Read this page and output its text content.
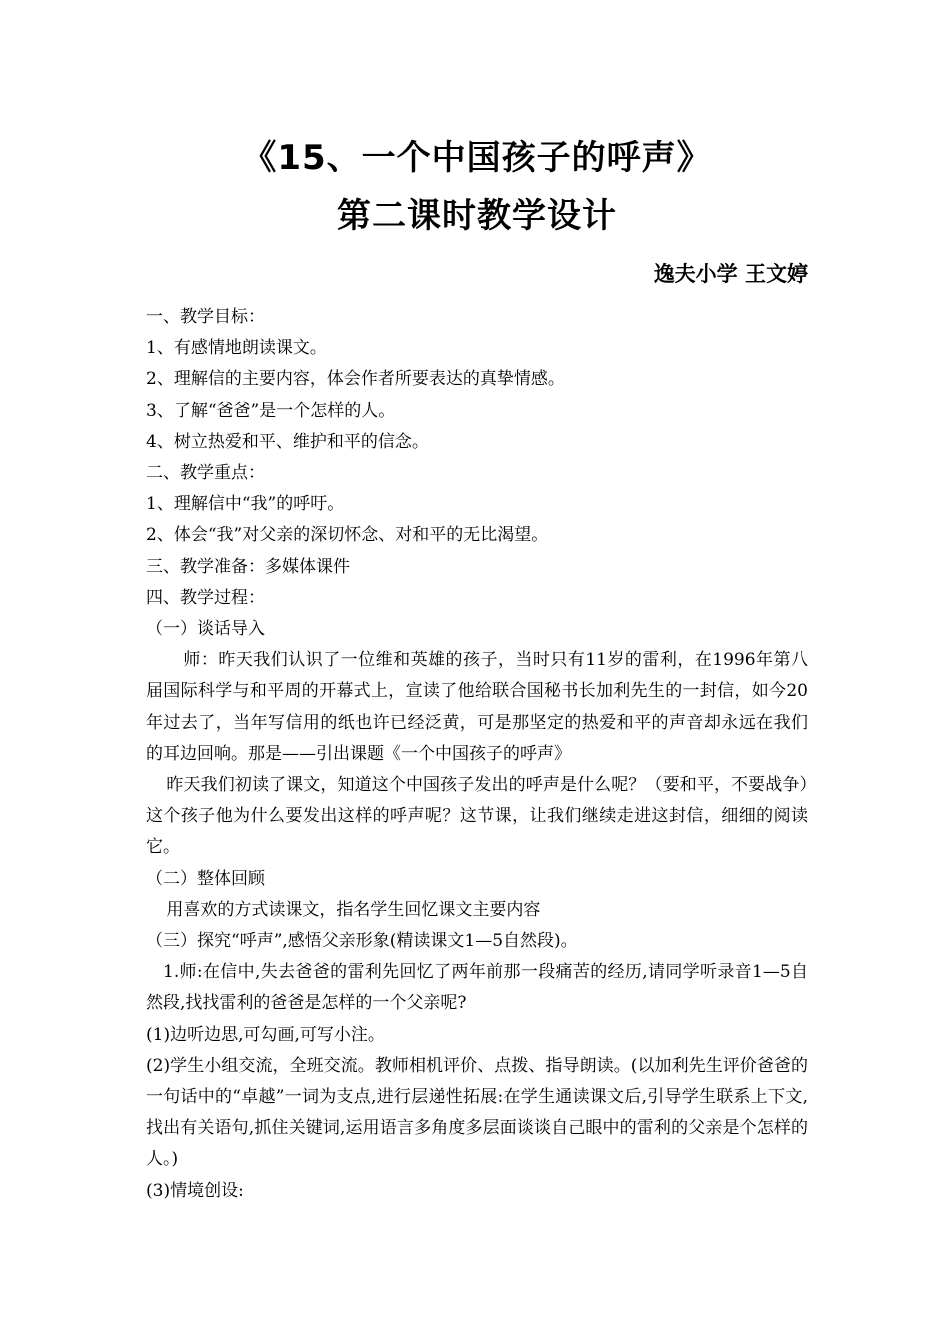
《15、一个中国孩子的呼声》
第二课时教学设计
逸夫小学 王文婷

一、教学目标：

1、有感情地朗读课文。

2、理解信的主要内容，体会作者所要表达的真挚情感。

3、了解“爸爸”是一个怎样的人。

4、树立热爱和平、维护和平的信念。

二、教学重点：

1、理解信中“我”的呼吁。

2、体会“我”对父亲的深切怀念、对和平的无比渴望。

三、教学准备：多媒体课件

四、教学过程：

（一）谈话导入

师：昨天我们认识了一位维和英雄的孩子，当时只有11岁的雷利，在1996年第八届国际科学与和平周的开幕式上，宣读了他给联合国秘书长加利先生的一封信，如今20年过去了，当年写信用的纸也许已经泛黄，可是那坚定的热爱和平的声音却永远在我们的耳边回响。那是——引出课题《一个中国孩子的呼声》

昨天我们初读了课文，知道这个中国孩子发出的呼声是什么呢？（要和平，不要战争）这个孩子他为什么要发出这样的呼声呢？这节课，让我们继续走进这封信，细细的阅读它。

（二）整体回顾

用喜欢的方式读课文，指名学生回忆课文主要内容

（三）探究“呼声”,感悟父亲形象(精读课文1—5自然段)。

1.师:在信中,失去爸爸的雷利先回忆了两年前那一段痛苦的经历,请同学听录音1—5自然段,找找雷利的爸爸是怎样的一个父亲呢?

(1)边听边思,可勾画,可写小注。

(2)学生小组交流，全班交流。教师相机评价、点拨、指导朗读。(以加利先生评价爸爸的一句话中的“卓越”一词为支点,进行层递性拓展:在学生通读课文后,引导学生联系上下文,找出有关语句,抓住关键词,运用语言多角度多层面谈谈自己眼中的雷利的父亲是个怎样的人。)

(3)情境创设:
